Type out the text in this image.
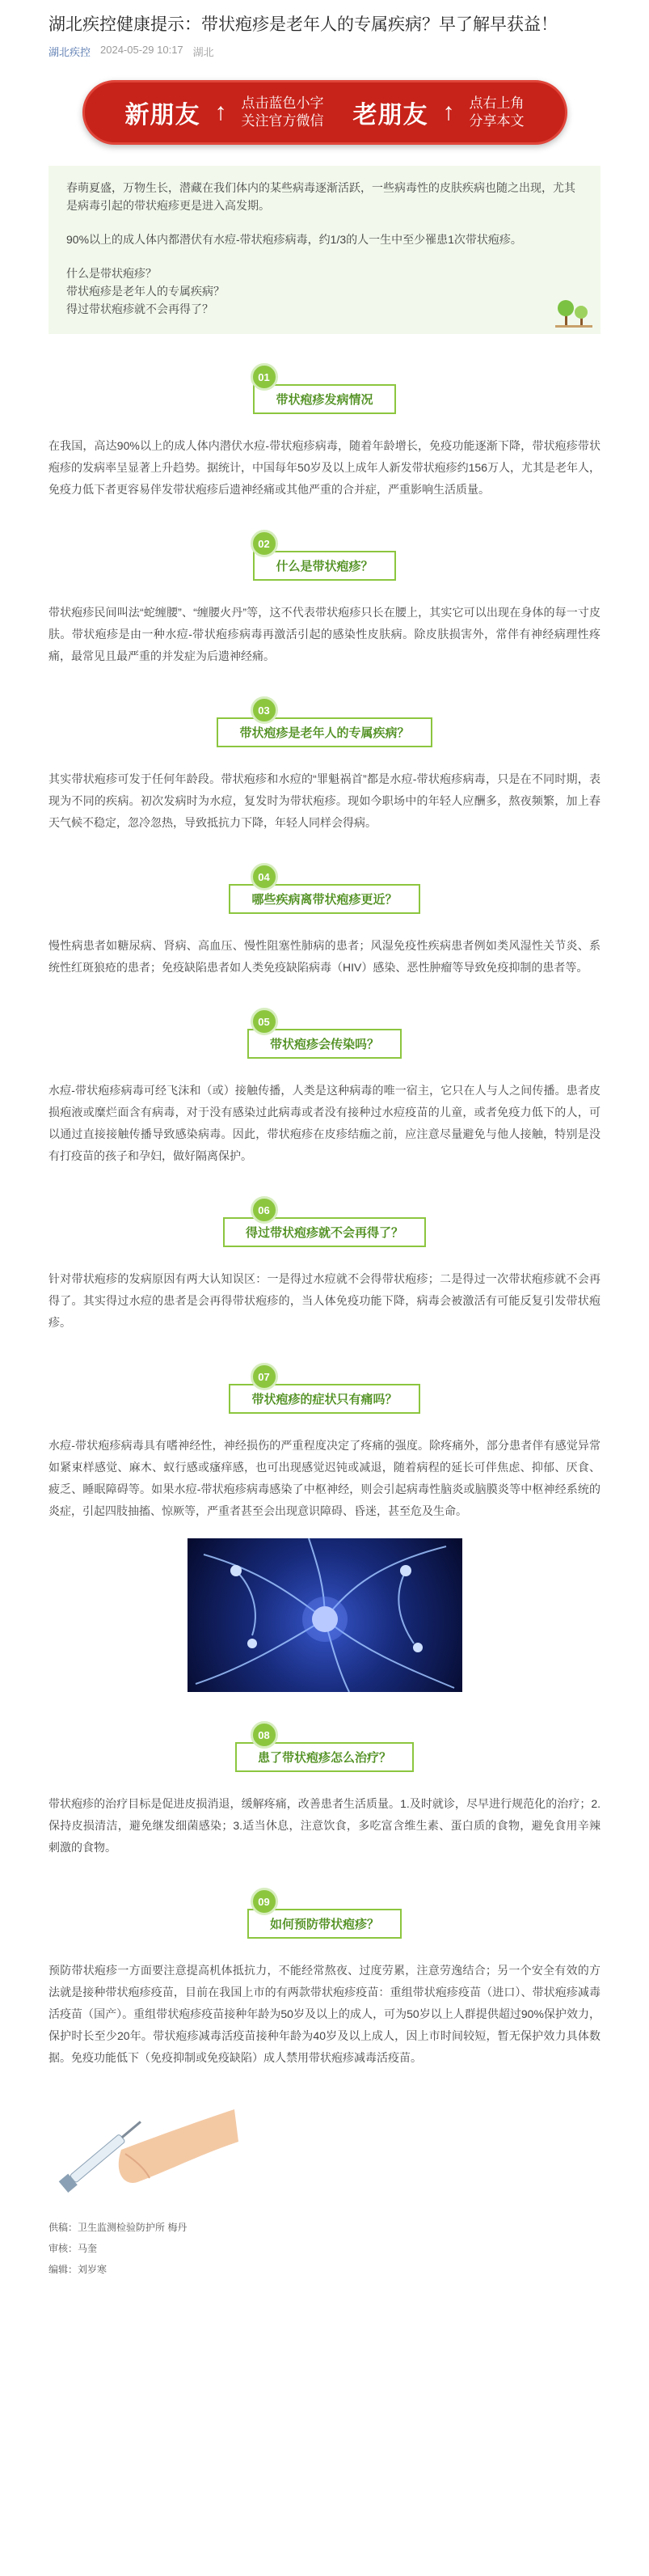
湖北疾控健康提示：带状疱疹是老年人的专属疾病？早了解早获益！
湖北疾控 2024-05-29 10:17 湖北
新朋友 ↑ 点击蓝色小字
关注官方微信 老朋友 ↑ 点右上角
分享本文

春萌夏盛，万物生长，潜藏在我们体内的某些病毒逐渐活跃，一些病毒性的皮肤疾病也随之出现，尤其是病毒引起的带状疱疹更是进入高发期。

90%以上的成人体内都潜伏有水痘-带状疱疹病毒，约1/3的人一生中至少罹患1次带状疱疹。

什么是带状疱疹？

带状疱疹是老年人的专属疾病？

得过带状疱疹就不会再得了？

01
带状疱疹发病情况

在我国，高达90%以上的成人体内潜伏水痘-带状疱疹病毒，随着年龄增长，免疫功能逐渐下降，带状疱疹带状疱疹的发病率呈显著上升趋势。据统计，中国每年50岁及以上成年人新发带状疱疹约156万人，尤其是老年人，免疫力低下者更容易伴发带状疱疹后遗神经痛或其他严重的合并症，严重影响生活质量。

02
什么是带状疱疹？

带状疱疹民间叫法“蛇缠腰”、“缠腰火丹”等，这不代表带状疱疹只长在腰上，其实它可以出现在身体的每一寸皮肤。带状疱疹是由一种水痘-带状疱疹病毒再激活引起的感染性皮肤病。除皮肤损害外，常伴有神经病理性疼痛，最常见且最严重的并发症为后遗神经痛。

03
带状疱疹是老年人的专属疾病？

其实带状疱疹可发于任何年龄段。带状疱疹和水痘的“罪魁祸首”都是水痘-带状疱疹病毒，只是在不同时期，表现为不同的疾病。初次发病时为水痘，复发时为带状疱疹。现如今职场中的年轻人应酬多，熬夜频繁，加上春天气候不稳定，忽冷忽热，导致抵抗力下降，年轻人同样会得病。

04
哪些疾病离带状疱疹更近？

慢性病患者如糖尿病、肾病、高血压、慢性阻塞性肺病的患者；风湿免疫性疾病患者例如类风湿性关节炎、系统性红斑狼疮的患者；免疫缺陷患者如人类免疫缺陷病毒（HIV）感染、恶性肿瘤等导致免疫抑制的患者等。

05
带状疱疹会传染吗？

水痘-带状疱疹病毒可经飞沫和（或）接触传播，人类是这种病毒的唯一宿主，它只在人与人之间传播。患者皮损疱液或糜烂面含有病毒，对于没有感染过此病毒或者没有接种过水痘疫苗的儿童，或者免疫力低下的人，可以通过直接接触传播导致感染病毒。因此，带状疱疹在皮疹结痂之前，应注意尽量避免与他人接触，特别是没有打疫苗的孩子和孕妇，做好隔离保护。

06
得过带状疱疹就不会再得了？

针对带状疱疹的发病原因有两大认知误区：一是得过水痘就不会得带状疱疹；二是得过一次带状疱疹就不会再得了。其实得过水痘的患者是会再得带状疱疹的，当人体免疫功能下降，病毒会被激活有可能反复引发带状疱疹。

07
带状疱疹的症状只有痛吗？

水痘-带状疱疹病毒具有嗜神经性，神经损伤的严重程度决定了疼痛的强度。除疼痛外，部分患者伴有感觉异常如紧束样感觉、麻木、蚁行感或瘙痒感，也可出现感觉迟钝或减退，随着病程的延长可伴焦虑、抑郁、厌食、疲乏、睡眠障碍等。如果水痘-带状疱疹病毒感染了中枢神经，则会引起病毒性脑炎或脑膜炎等中枢神经系统的炎症，引起四肢抽搐、惊厥等，严重者甚至会出现意识障碍、昏迷，甚至危及生命。

08
患了带状疱疹怎么治疗？

带状疱疹的治疗目标是促进皮损消退，缓解疼痛，改善患者生活质量。1.及时就诊，尽早进行规范化的治疗；2.保持皮损清洁，避免继发细菌感染；3.适当休息，注意饮食，多吃富含维生素、蛋白质的食物，避免食用辛辣刺激的食物。

09
如何预防带状疱疹？

预防带状疱疹一方面要注意提高机体抵抗力，不能经常熬夜、过度劳累，注意劳逸结合；另一个安全有效的方法就是接种带状疱疹疫苗，目前在我国上市的有两款带状疱疹疫苗：重组带状疱疹疫苗（进口）、带状疱疹减毒活疫苗（国产）。重组带状疱疹疫苗接种年龄为50岁及以上的成人，可为50岁以上人群提供超过90%保护效力，保护时长至少20年。带状疱疹减毒活疫苗接种年龄为40岁及以上成人，因上市时间较短，暂无保护效力具体数据。免疫功能低下（免疫抑制或免疫缺陷）成人禁用带状疱疹减毒活疫苗。

供稿：卫生监测检验防护所 梅丹
审核：马奎
编辑：刘岁寒
